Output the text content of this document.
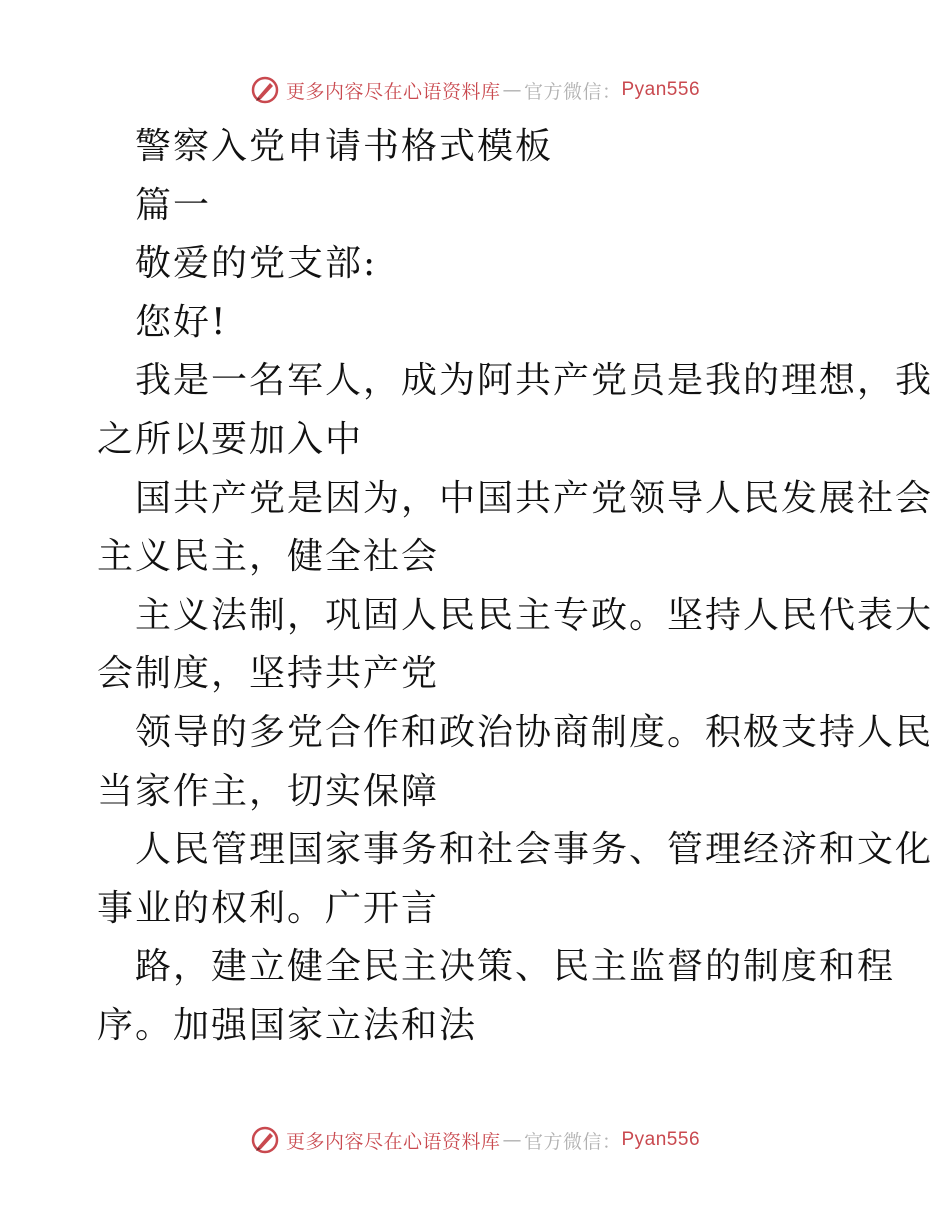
更多内容尽在心语资料库 — 官方微信： Pyan556
警察入党申请书格式模板
篇一
敬爱的党支部:
您好!
我是一名军人，成为阿共产党员是我的理想，我
之所以要加入中
国共产党是因为，中国共产党领导人民发展社会
主义民主，健全社会
主义法制，巩固人民民主专政。坚持人民代表大
会制度，坚持共产党
领导的多党合作和政治协商制度。积极支持人民
当家作主，切实保障
人民管理国家事务和社会事务、管理经济和文化
事业的权利。广开言
路，建立健全民主决策、民主监督的制度和程
序。加强国家立法和法
更多内容尽在心语资料库 — 官方微信： Pyan556
